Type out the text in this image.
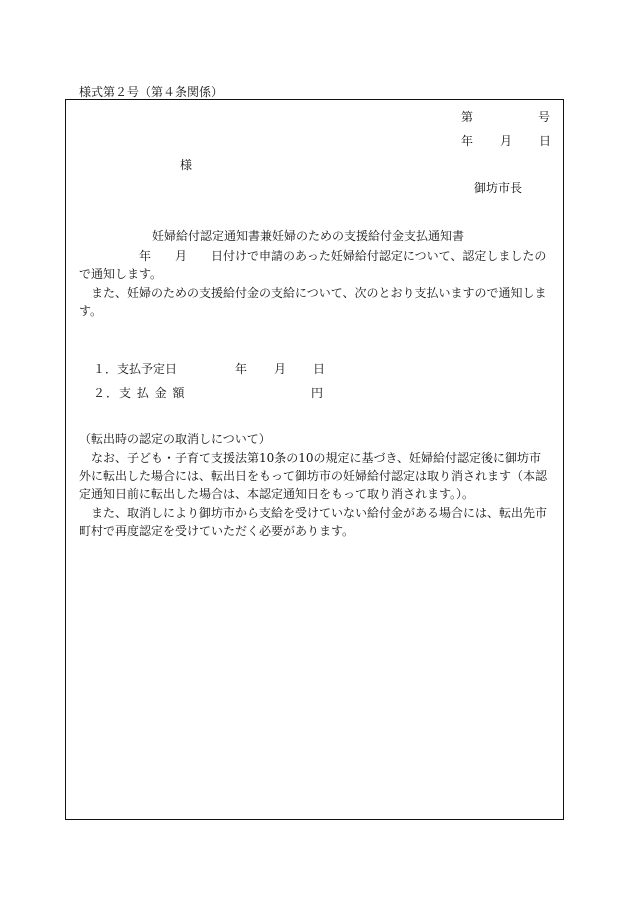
様式第２号（第４条関係）
第	号
年 月 日
様
御坊市長
妊婦給付認定通知書兼妊婦のための支援給付金支払通知書
　　　　　年　　月　　日付けで申請のあった妊婦給付認定について、認定しましたので通知します。
　また、妊婦のための支援給付金の支給について、次のとおり支払いますので通知します。
１．支払予定日	年 月 日
２．支 払 金 額	円
（転出時の認定の取消しについて）
　なお、子ども・子育て支援法第10条の10の規定に基づき、妊婦給付認定後に御坊市外に転出した場合には、転出日をもって御坊市の妊婦給付認定は取り消されます（本認定通知日前に転出した場合は、本認定通知日をもって取り消されます。）。
　また、取消しにより御坊市から支給を受けていない給付金がある場合には、転出先市町村で再度認定を受けていただく必要があります。
